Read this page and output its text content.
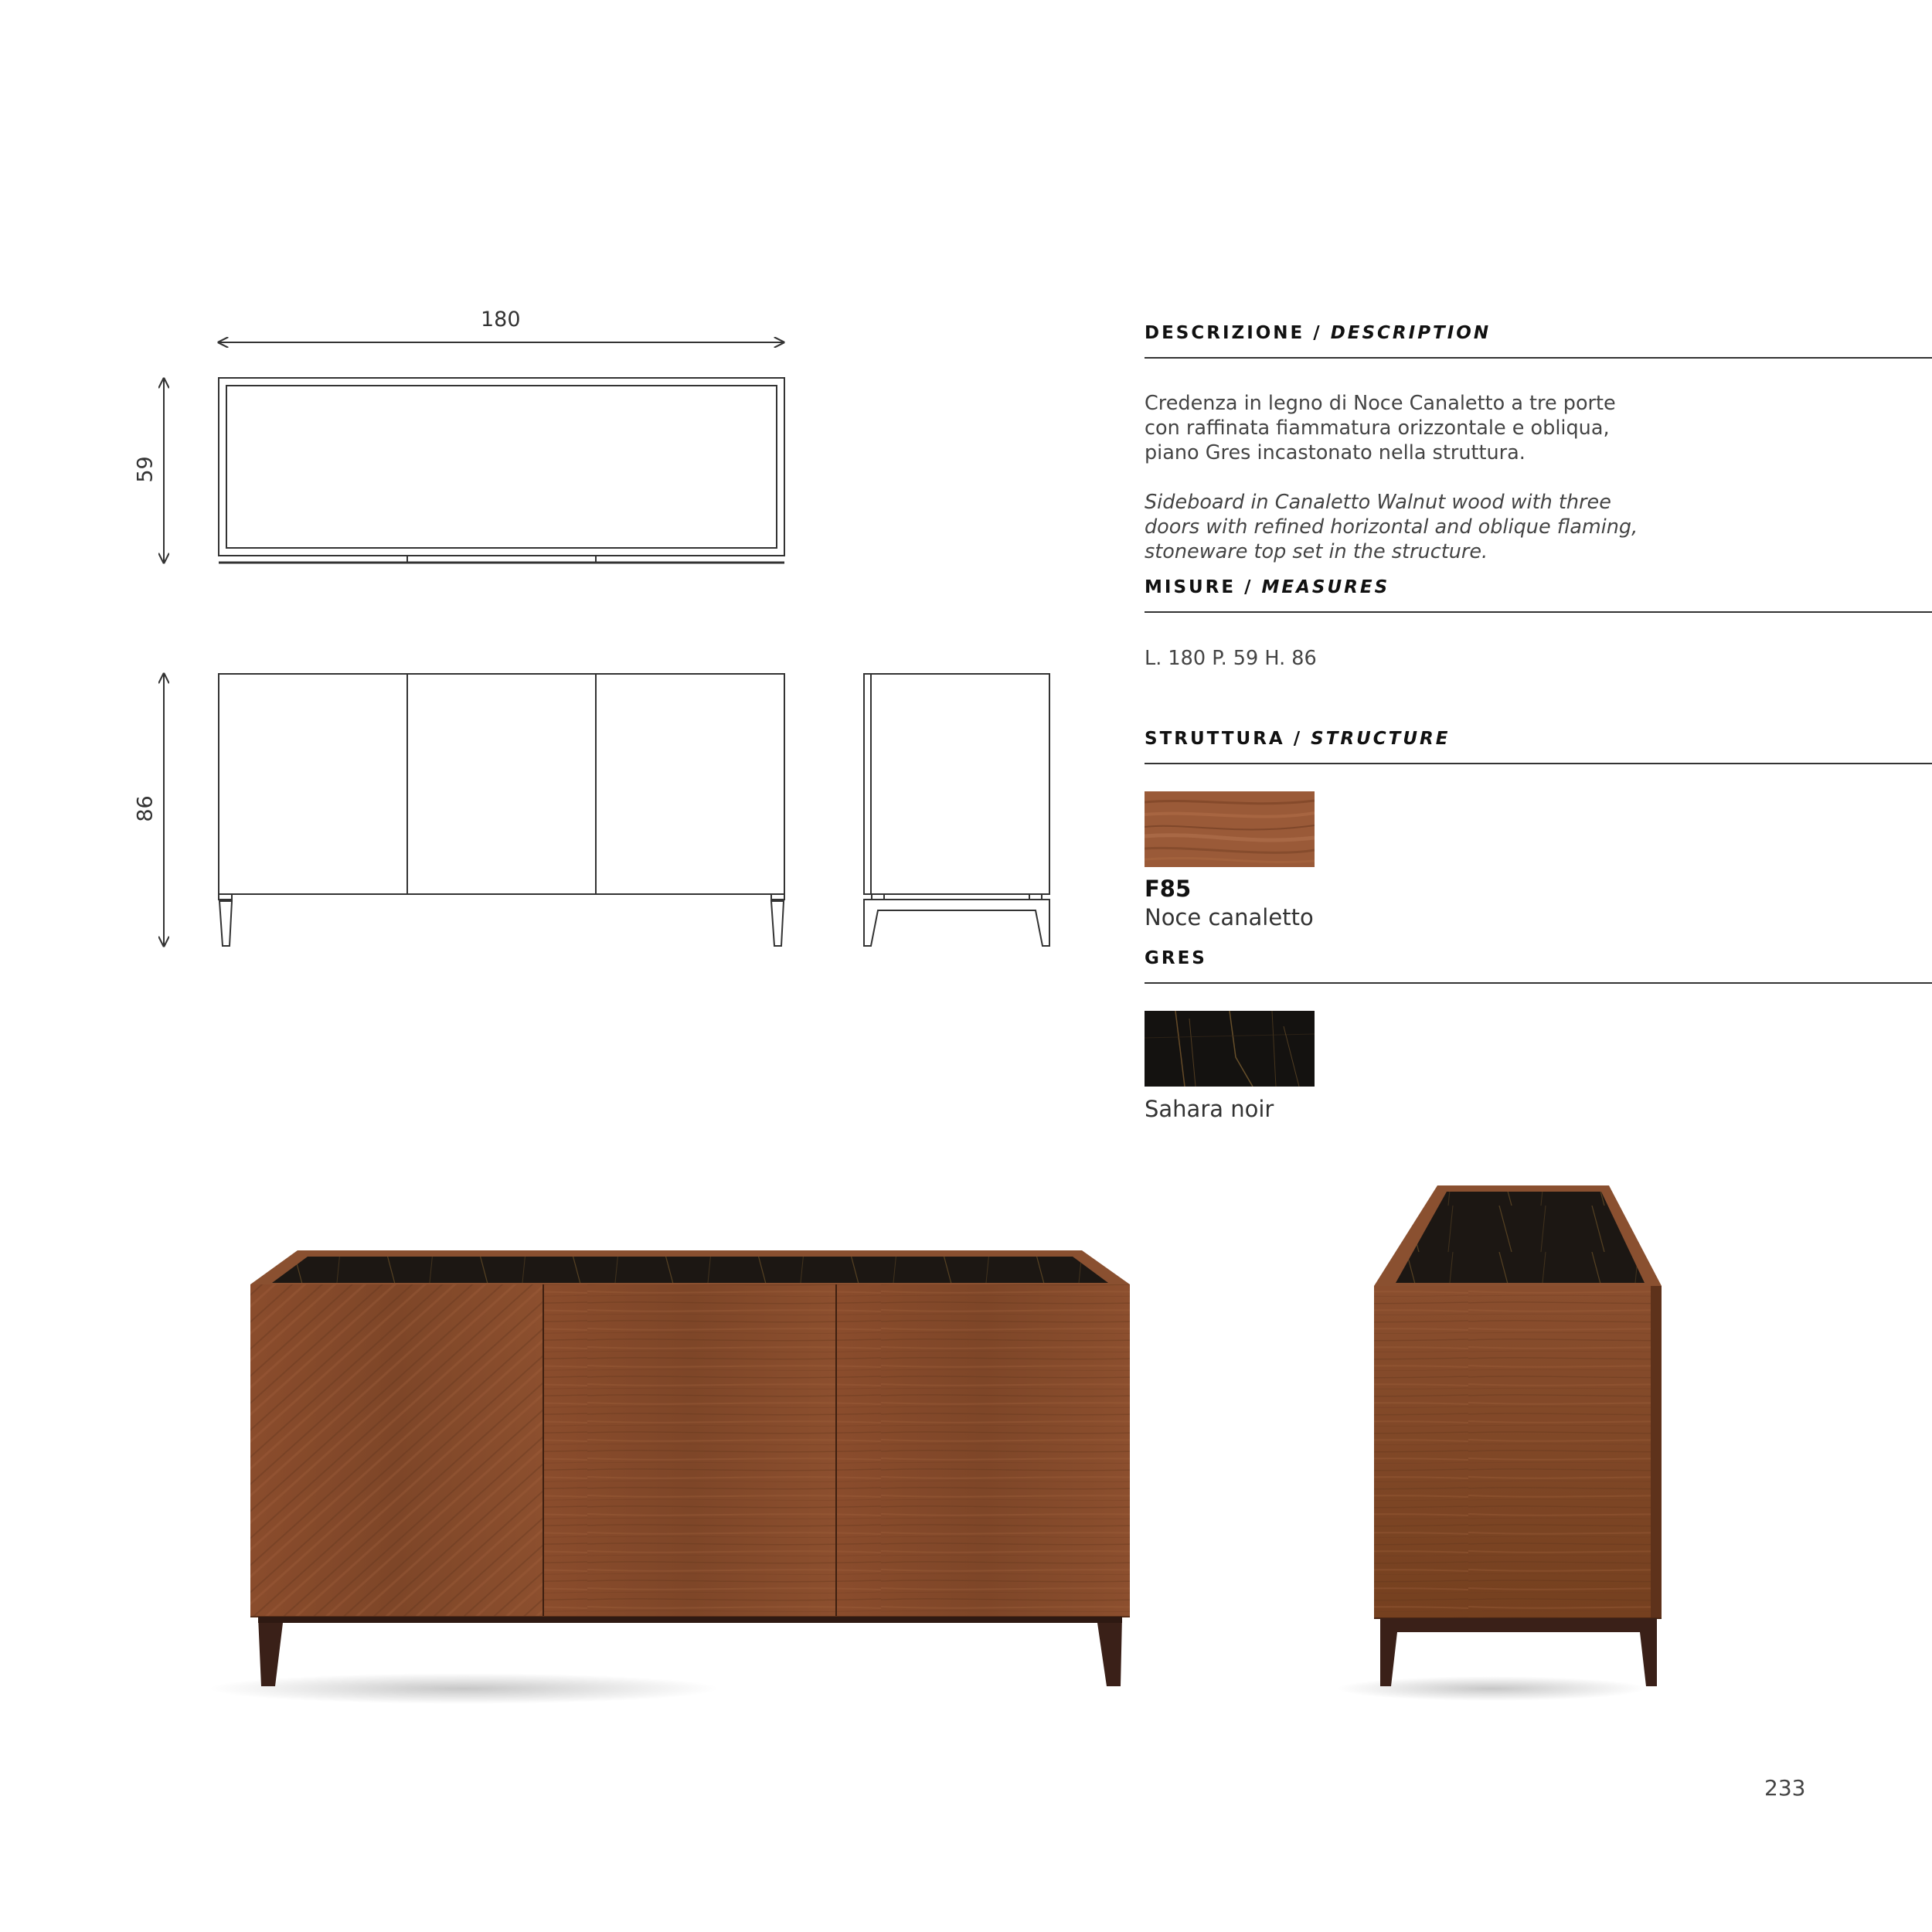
180
59
86
DESCRIZIONE / DESCRIPTION
Credenza in legno di Noce Canaletto a tre porte con raffinata fiammatura orizzontale e obliqua, piano Gres incastonato nella struttura.
Sideboard in Canaletto Walnut wood with three doors with refined horizontal and oblique flaming, stoneware top set in the structure.
MISURE / MEASURES
L. 180 P. 59 H. 86
STRUTTURA / STRUCTURE
F85
Noce canaletto
GRES
Sahara noir
233
